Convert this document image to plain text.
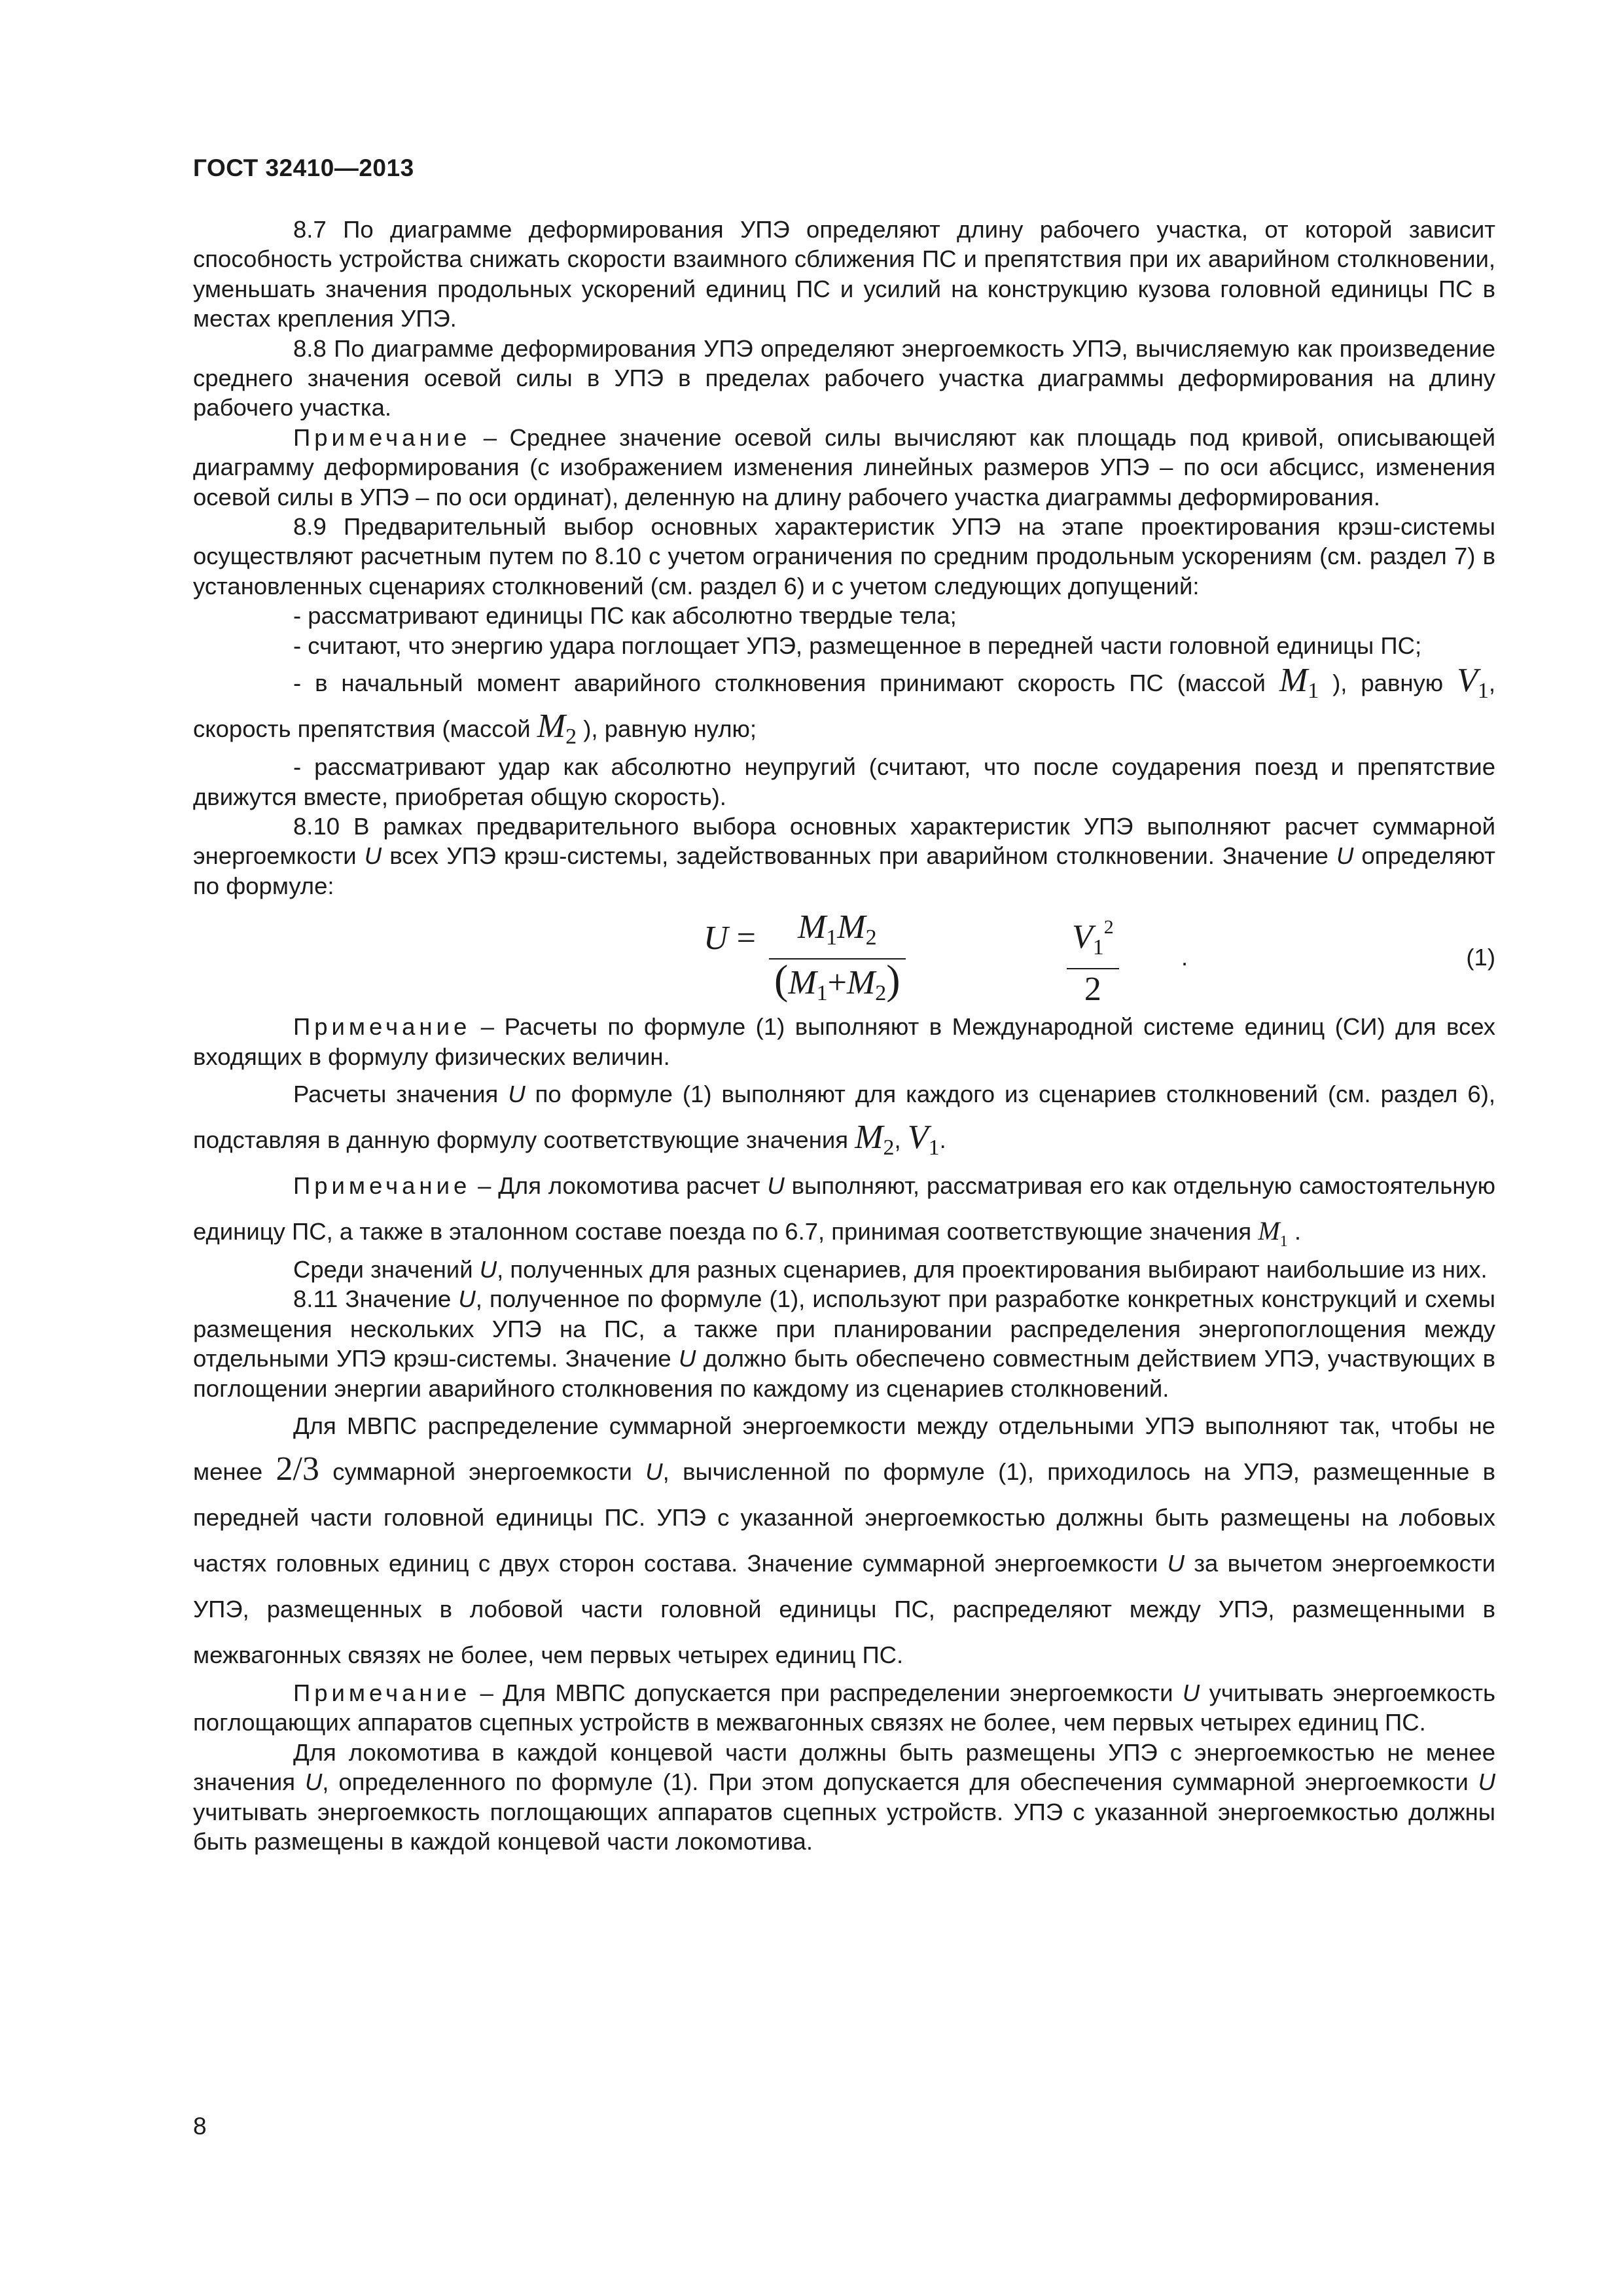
ГОСТ 32410—2013

8.7 По диаграмме деформирования УПЭ определяют длину рабочего участка, от которой зависит способность устройства снижать скорости взаимного сближения ПС и препятствия при их аварийном столкновении, уменьшать значения продольных ускорений единиц ПС и усилий на конструкцию кузова головной единицы ПС в местах крепления УПЭ.

8.8 По диаграмме деформирования УПЭ определяют энергоемкость УПЭ, вычисляемую как произведение среднего значения осевой силы в УПЭ в пределах рабочего участка диаграммы деформирования на длину рабочего участка.

Примечание – Среднее значение осевой силы вычисляют как площадь под кривой, описывающей диаграмму деформирования (с изображением изменения линейных размеров УПЭ – по оси абсцисс, изменения осевой силы в УПЭ – по оси ординат), деленную на длину рабочего участка диаграммы деформирования.

8.9 Предварительный выбор основных характеристик УПЭ на этапе проектирования крэш-системы осуществляют расчетным путем по 8.10 с учетом ограничения по средним продольным ускорениям (см. раздел 7) в установленных сценариях столкновений (см. раздел 6) и с учетом следующих допущений:

- рассматривают единицы ПС как абсолютно твердые тела;

- считают, что энергию удара поглощает УПЭ, размещенное в передней части головной единицы ПС;

- в начальный момент аварийного столкновения принимают скорость ПС (массой $M_1$ ), равную $V_1$, скорость препятствия (массой $M_2$ ), равную нулю;

- рассматривают удар как абсолютно неупругий (считают, что после соударения поезд и препятствие движутся вместе, приобретая общую скорость).

8.10 В рамках предварительного выбора основных характеристик УПЭ выполняют расчет суммарной энергоемкости U всех УПЭ крэш-системы, задействованных при аварийном столкновении. Значение U определяют по формуле:

$U = M_1M_2$
$(M_1+M_2)$
$V_1^2$
2
.	(1)

Примечание – Расчеты по формуле (1) выполняют в Международной системе единиц (СИ) для всех входящих в формулу физических величин.

Расчеты значения U по формуле (1) выполняют для каждого из сценариев столкновений (см. раздел 6), подставляя в данную формулу соответствующие значения $M_2$, $V_1$.

Примечание – Для локомотива расчет U выполняют, рассматривая его как отдельную самостоятельную единицу ПС, а также в эталонном составе поезда по 6.7, принимая соответствующие значения $M_1$ .

Среди значений U, полученных для разных сценариев, для проектирования выбирают наибольшие из них.

8.11 Значение U, полученное по формуле (1), используют при разработке конкретных конструкций и схемы размещения нескольких УПЭ на ПС, а также при планировании распределения энергопоглощения между отдельными УПЭ крэш-системы. Значение U должно быть обеспечено совместным действием УПЭ, участвующих в поглощении энергии аварийного столкновения по каждому из сценариев столкновений.

Для МВПС распределение суммарной энергоемкости между отдельными УПЭ выполняют так, чтобы не менее 2/3 суммарной энергоемкости U, вычисленной по формуле (1), приходилось на УПЭ, размещенные в передней части головной единицы ПС. УПЭ с указанной энергоемкостью должны быть размещены на лобовых частях головных единиц с двух сторон состава. Значение суммарной энергоемкости U за вычетом энергоемкости УПЭ, размещенных в лобовой части головной единицы ПС, распределяют между УПЭ, размещенными в межвагонных связях не более, чем первых четырех единиц ПС.

Примечание – Для МВПС допускается при распределении энергоемкости U учитывать энергоемкость поглощающих аппаратов сцепных устройств в межвагонных связях не более, чем первых четырех единиц ПС.

Для локомотива в каждой концевой части должны быть размещены УПЭ с энергоемкостью не менее значения U, определенного по формуле (1). При этом допускается для обеспечения суммарной энергоемкости U учитывать энергоемкость поглощающих аппаратов сцепных устройств. УПЭ с указанной энергоемкостью должны быть размещены в каждой концевой части локомотива.

8
